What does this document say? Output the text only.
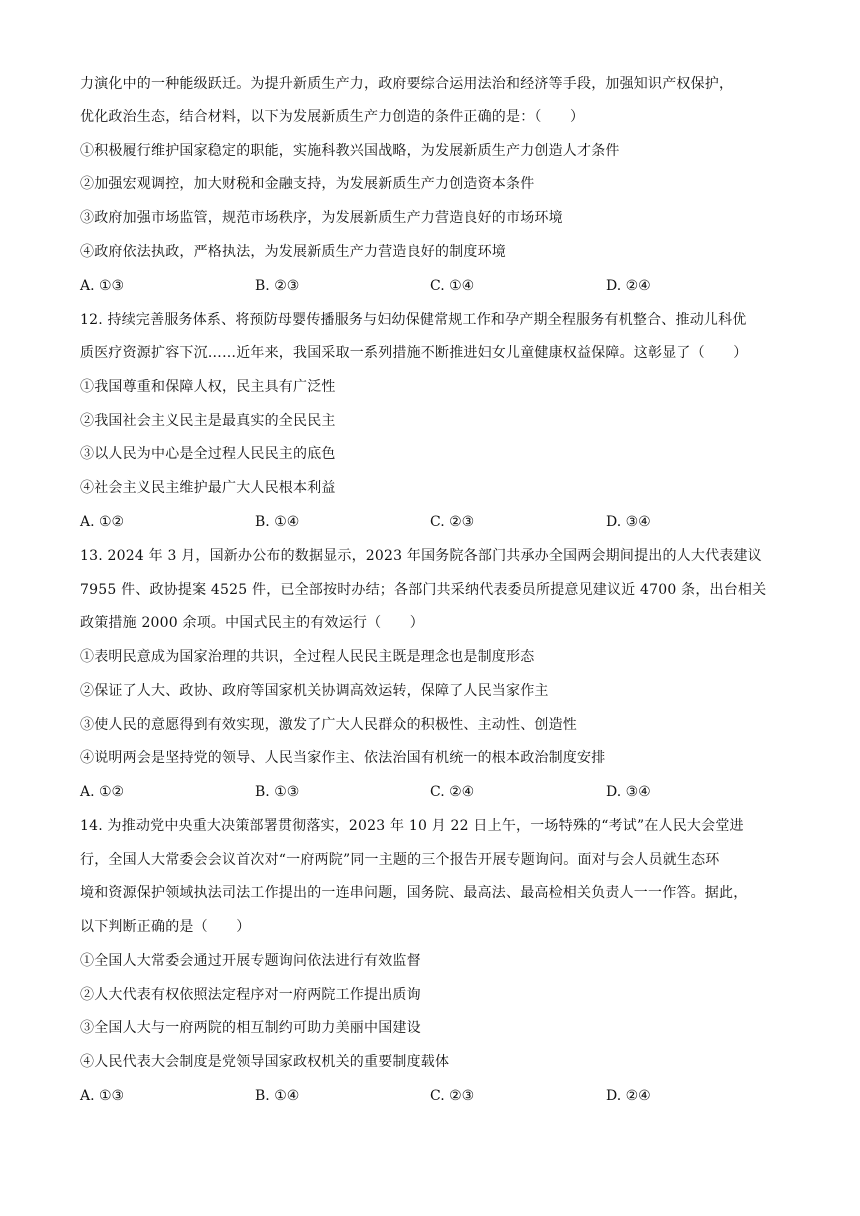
力演化中的一种能级跃迁。为提升新质生产力，政府要综合运用法治和经济等手段，加强知识产权保护，
优化政治生态，结合材料，以下为发展新质生产力创造的条件正确的是：（　　）
①积极履行维护国家稳定的职能，实施科教兴国战略，为发展新质生产力创造人才条件
②加强宏观调控，加大财税和金融支持，为发展新质生产力创造资本条件
③政府加强市场监管，规范市场秩序，为发展新质生产力营造良好的市场环境
④政府依法执政，严格执法，为发展新质生产力营造良好的制度环境
A. ①③	B. ②③	C. ①④	D. ②④
12. 持续完善服务体系、将预防母婴传播服务与妇幼保健常规工作和孕产期全程服务有机整合、推动儿科优
质医疗资源扩容下沉……近年来，我国采取一系列措施不断推进妇女儿童健康权益保障。这彰显了（　　）
①我国尊重和保障人权，民主具有广泛性
②我国社会主义民主是最真实的全民民主
③以人民为中心是全过程人民民主的底色
④社会主义民主维护最广大人民根本利益
A. ①②	B. ①④	C. ②③	D. ③④
13. 2024 年 3 月，国新办公布的数据显示，2023 年国务院各部门共承办全国两会期间提出的人大代表建议
7955 件、政协提案 4525 件，已全部按时办结；各部门共采纳代表委员所提意见建议近 4700 条，出台相关
政策措施 2000 余项。中国式民主的有效运行（　　）
①表明民意成为国家治理的共识，全过程人民民主既是理念也是制度形态
②保证了人大、政协、政府等国家机关协调高效运转，保障了人民当家作主
③使人民的意愿得到有效实现，激发了广大人民群众的积极性、主动性、创造性
④说明两会是坚持党的领导、人民当家作主、依法治国有机统一的根本政治制度安排
A. ①②	B. ①③	C. ②④	D. ③④
14. 为推动党中央重大决策部署贯彻落实，2023 年 10 月 22 日上午，一场特殊的“考试”在人民大会堂进
行，全国人大常委会会议首次对“一府两院”同一主题的三个报告开展专题询问。面对与会人员就生态环
境和资源保护领域执法司法工作提出的一连串问题，国务院、最高法、最高检相关负责人一一作答。据此，
以下判断正确的是（　　）
①全国人大常委会通过开展专题询问依法进行有效监督
②人大代表有权依照法定程序对一府两院工作提出质询
③全国人大与一府两院的相互制约可助力美丽中国建设
④人民代表大会制度是党领导国家政权机关的重要制度载体
A. ①③	B. ①④	C. ②③	D. ②④
